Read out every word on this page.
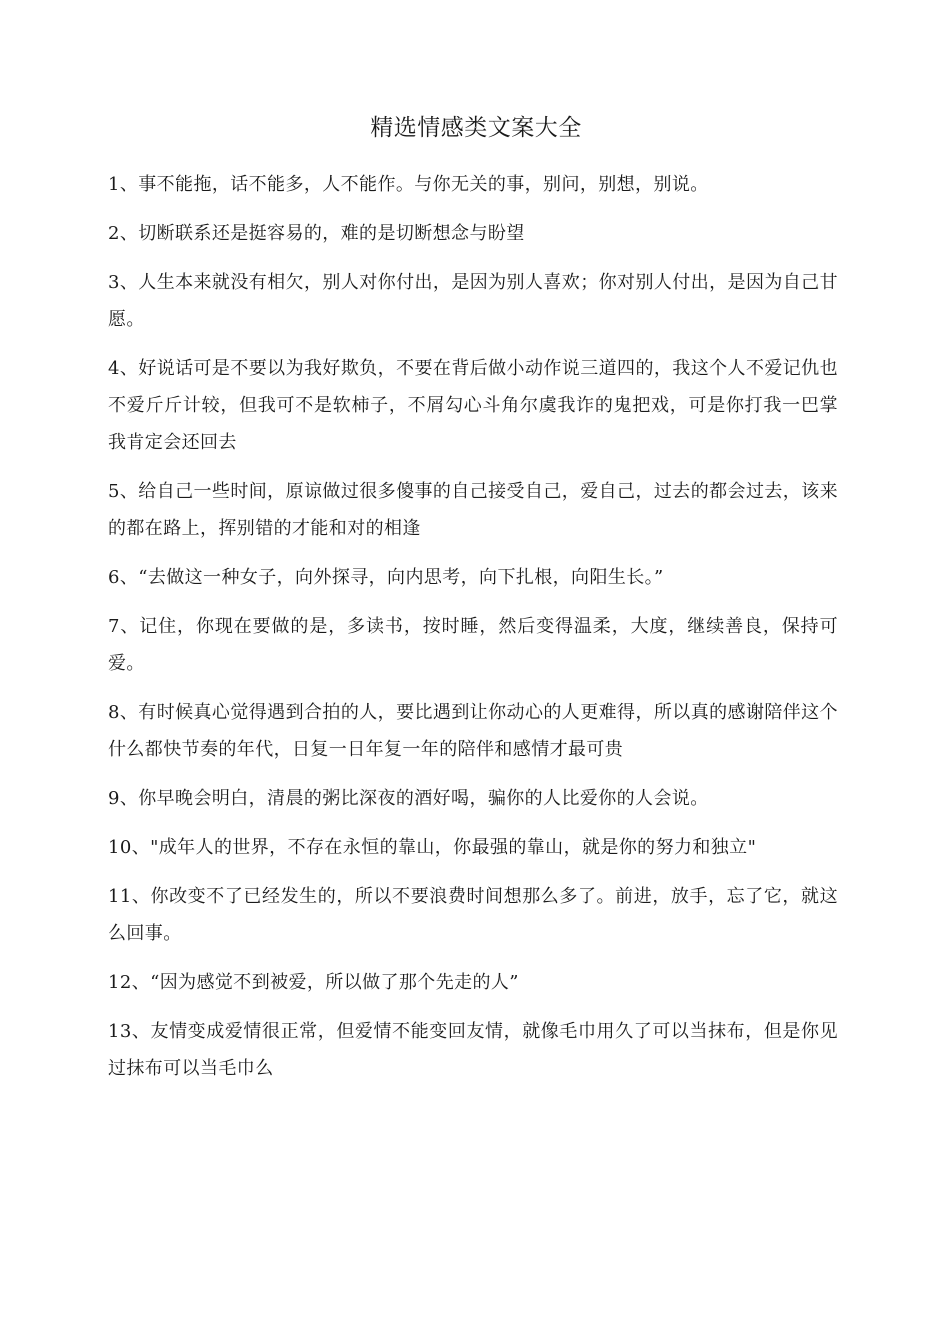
精选情感类文案大全
1、事不能拖，话不能多，人不能作。与你无关的事，别问，别想，别说。
2、切断联系还是挺容易的，难的是切断想念与盼望
3、人生本来就没有相欠，别人对你付出，是因为别人喜欢；你对别人付出，是因为自己甘愿。
4、好说话可是不要以为我好欺负，不要在背后做小动作说三道四的，我这个人不爱记仇也不爱斤斤计较，但我可不是软柿子，不屑勾心斗角尔虞我诈的鬼把戏，可是你打我一巴掌我肯定会还回去
5、给自己一些时间，原谅做过很多傻事的自己接受自己，爱自己，过去的都会过去，该来的都在路上，挥别错的才能和对的相逢
6、“去做这一种女子，向外探寻，向内思考，向下扎根，向阳生长。”
7、记住，你现在要做的是，多读书，按时睡，然后变得温柔，大度，继续善良，保持可爱。
8、有时候真心觉得遇到合拍的人，要比遇到让你动心的人更难得，所以真的感谢陪伴这个什么都快节奏的年代，日复一日年复一年的陪伴和感情才最可贵
9、你早晚会明白，清晨的粥比深夜的酒好喝，骗你的人比爱你的人会说。
10、"成年人的世界，不存在永恒的靠山，你最强的靠山，就是你的努力和独立"
11、你改变不了已经发生的，所以不要浪费时间想那么多了。前进，放手，忘了它，就这么回事。
12、“因为感觉不到被爱，所以做了那个先走的人”
13、友情变成爱情很正常，但爱情不能变回友情，就像毛巾用久了可以当抹布，但是你见过抹布可以当毛巾么
